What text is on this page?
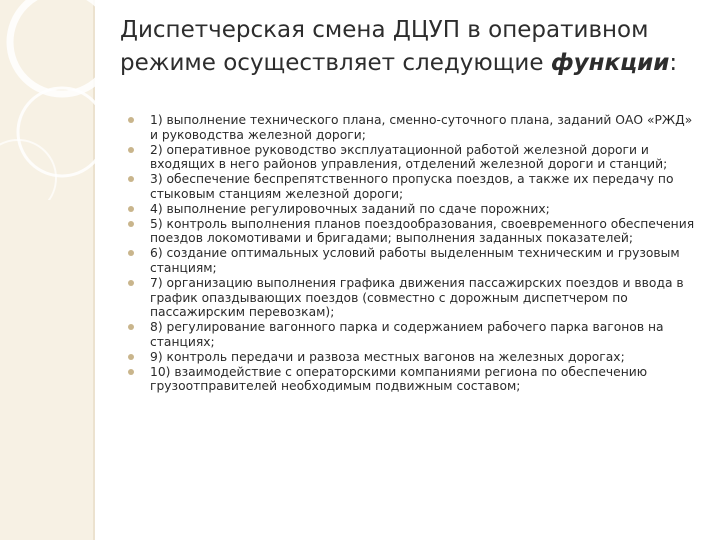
Диспетчерская смена ДЦУП в оперативном
режиме осуществляет следующие функции:
1) выполнение технического плана, сменно-суточного плана, заданий ОАО «РЖД» и руководства железной дороги;
2) оперативное руководство эксплуатационной работой железной дороги и входящих в него районов управления, отделений железной дороги и станций;
3) обеспечение беспрепятственного пропуска поездов, а также их передачу по стыковым станциям железной дороги;
4) выполнение регулировочных заданий по сдаче порожних;
5) контроль выполнения планов поездообразования, своевременного обеспечения поездов локомотивами и бригадами; выполнения заданных показателей;
6) создание оптимальных условий работы выделенным техническим и грузовым станциям;
7) организацию выполнения графика движения пассажирских поездов и ввода в график опаздывающих поездов (совместно с дорожным диспетчером по пассажирским перевозкам);
8) регулирование вагонного парка и содержанием рабочего парка вагонов на станциях;
9) контроль передачи и развоза местных вагонов на железных дорогах;
10) взаимодействие с операторскими компаниями региона по обеспечению грузоотправителей необходимым подвижным составом;
